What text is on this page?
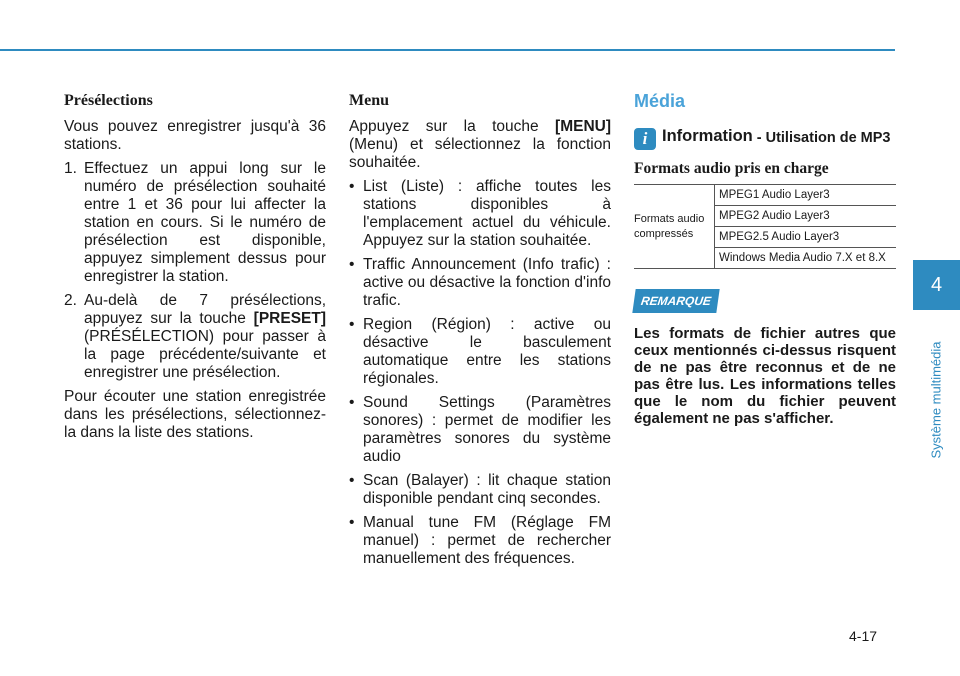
Présélections

Vous pouvez enregistrer jusqu'à 36 stations.

1. Effectuez un appui long sur le numéro de présélection souhaité entre 1 et 36 pour lui affecter la station en cours. Si le numéro de présélection est disponible, appuyez simplement dessus pour enregistrer la station.
2. Au-delà de 7 présélections, appuyez sur la touche [PRESET] (PRÉSÉLECTION) pour passer à la page précédente/suivante et enregistrer une présélection.

Pour écouter une station enregistrée dans les présélections, sélectionnez-la dans la liste des stations.

Menu

Appuyez sur la touche [MENU] (Menu) et sélectionnez la fonction souhaitée.

• List (Liste) : affiche toutes les stations disponibles à l'emplacement actuel du véhicule. Appuyez sur la station souhaitée.
• Traffic Announcement (Info trafic) : active ou désactive la fonction d'info trafic.
• Region (Région) : active ou désactive le basculement automatique entre les stations régionales.
• Sound Settings (Paramètres sonores) : permet de modifier les paramètres sonores du système audio
• Scan (Balayer) : lit chaque station disponible pendant cinq secondes.
• Manual tune FM (Réglage FM manuel) : permet de rechercher manuellement des fréquences.
Média
i Information - Utilisation de MP3
Formats audio pris en charge
Formats audio compressés	MPEG1 Audio Layer3
MPEG2 Audio Layer3
MPEG2.5 Audio Layer3
Windows Media Audio 7.X et 8.X
REMARQUE
Les formats de fichier autres que ceux mentionnés ci-dessus risquent de ne pas être reconnus et de ne pas être lus. Les informations telles que le nom du fichier peuvent également ne pas s'afficher.
4
Système multimédia
4-17
